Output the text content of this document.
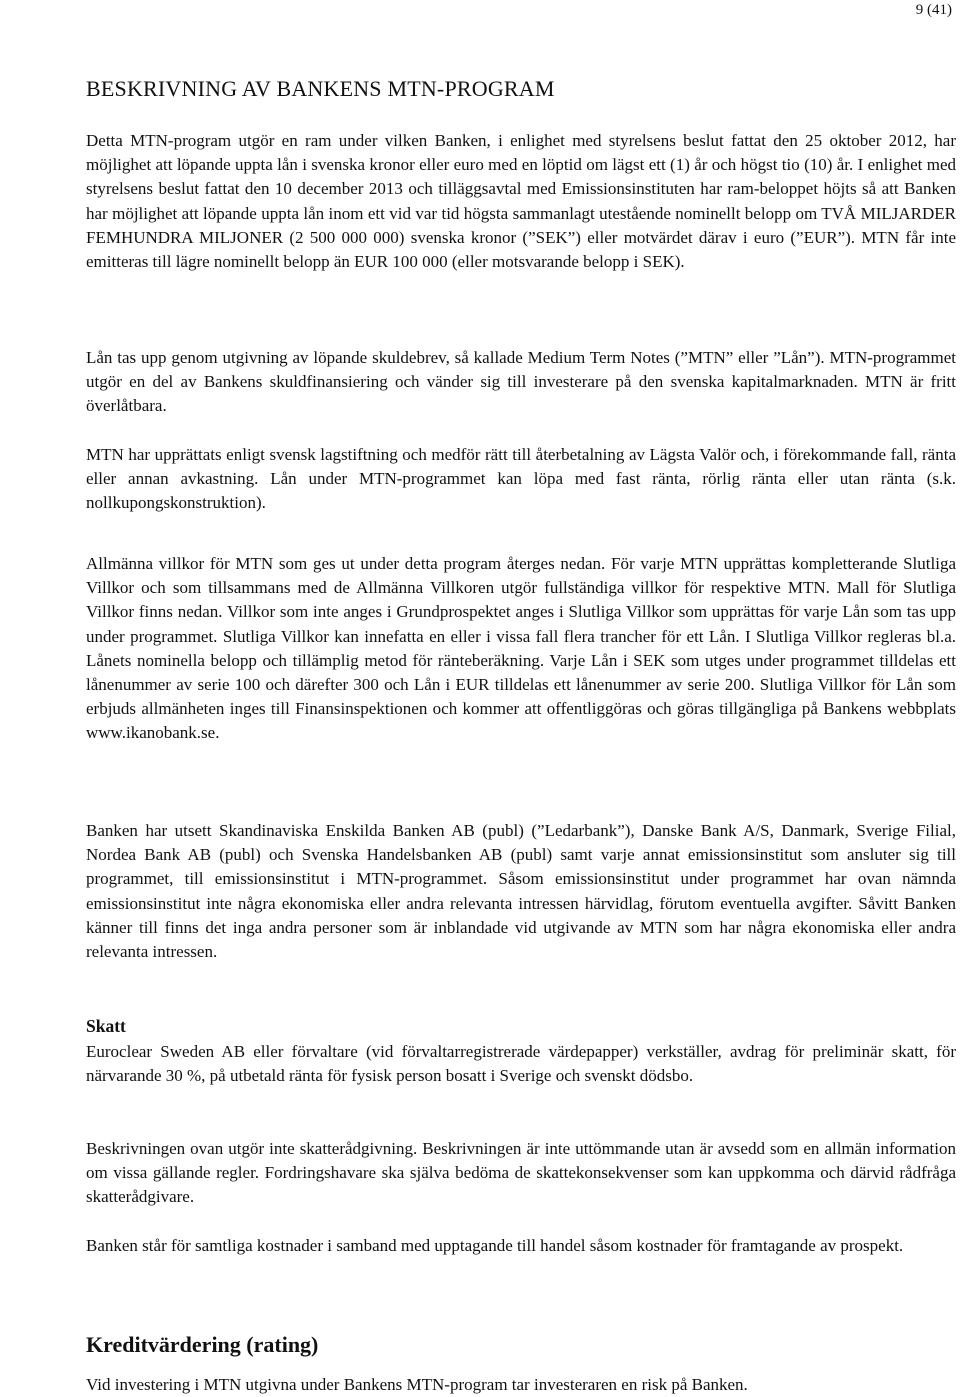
9 (41)
BESKRIVNING AV BANKENS MTN-PROGRAM

Detta MTN-program utgör en ram under vilken Banken, i enlighet med styrelsens beslut fattat den 25 oktober 2012, har möjlighet att löpande uppta lån i svenska kronor eller euro med en löptid om lägst ett (1) år och högst tio (10) år. I enlighet med styrelsens beslut fattat den 10 december 2013 och tilläggsavtal med Emissionsinstituten har ram-beloppet höjts så att Banken har möjlighet att löpande uppta lån inom ett vid var tid högsta sammanlagt utestående nominellt belopp om TVÅ MILJARDER FEMHUNDRA MILJONER (2 500 000 000) svenska kronor (”SEK”) eller motvärdet därav i euro (”EUR”). MTN får inte emitteras till lägre nominellt belopp än EUR 100 000 (eller motsvarande belopp i SEK).

Lån tas upp genom utgivning av löpande skuldebrev, så kallade Medium Term Notes (”MTN” eller ”Lån”). MTN-programmet utgör en del av Bankens skuldfinansiering och vänder sig till investerare på den svenska kapitalmarknaden. MTN är fritt överlåtbara.

MTN har upprättats enligt svensk lagstiftning och medför rätt till återbetalning av Lägsta Valör och, i förekommande fall, ränta eller annan avkastning. Lån under MTN-programmet kan löpa med fast ränta, rörlig ränta eller utan ränta (s.k. nollkupongskonstruktion).

Allmänna villkor för MTN som ges ut under detta program återges nedan. För varje MTN upprättas kompletterande Slutliga Villkor och som tillsammans med de Allmänna Villkoren utgör fullständiga villkor för respektive MTN. Mall för Slutliga Villkor finns nedan. Villkor som inte anges i Grundprospektet anges i Slutliga Villkor som upprättas för varje Lån som tas upp under programmet. Slutliga Villkor kan innefatta en eller i vissa fall flera trancher för ett Lån. I Slutliga Villkor regleras bl.a. Lånets nominella belopp och tillämplig metod för ränteberäkning. Varje Lån i SEK som utges under programmet tilldelas ett lånenummer av serie 100 och därefter 300 och Lån i EUR tilldelas ett lånenummer av serie 200. Slutliga Villkor för Lån som erbjuds allmänheten inges till Finansinspektionen och kommer att offentliggöras och göras tillgängliga på Bankens webbplats www.ikanobank.se.

Banken har utsett Skandinaviska Enskilda Banken AB (publ) (”Ledarbank”), Danske Bank A/S, Danmark, Sverige Filial, Nordea Bank AB (publ) och Svenska Handelsbanken AB (publ) samt varje annat emissionsinstitut som ansluter sig till programmet, till emissionsinstitut i MTN-programmet. Såsom emissionsinstitut under programmet har ovan nämnda emissionsinstitut inte några ekonomiska eller andra relevanta intressen härvidlag, förutom eventuella avgifter. Såvitt Banken känner till finns det inga andra personer som är inblandade vid utgivande av MTN som har några ekonomiska eller andra relevanta intressen.

Skatt

Euroclear Sweden AB eller förvaltare (vid förvaltarregistrerade värdepapper) verkställer, avdrag för preliminär skatt, för närvarande 30 %, på utbetald ränta för fysisk person bosatt i Sverige och svenskt dödsbo.

Beskrivningen ovan utgör inte skatterådgivning. Beskrivningen är inte uttömmande utan är avsedd som en allmän information om vissa gällande regler. Fordringshavare ska själva bedöma de skattekonsekvenser som kan uppkomma och därvid rådfråga skatterådgivare.

Banken står för samtliga kostnader i samband med upptagande till handel såsom kostnader för framtagande av prospekt.

Kreditvärdering (rating)

Vid investering i MTN utgivna under Bankens MTN-program tar investeraren en risk på Banken.
